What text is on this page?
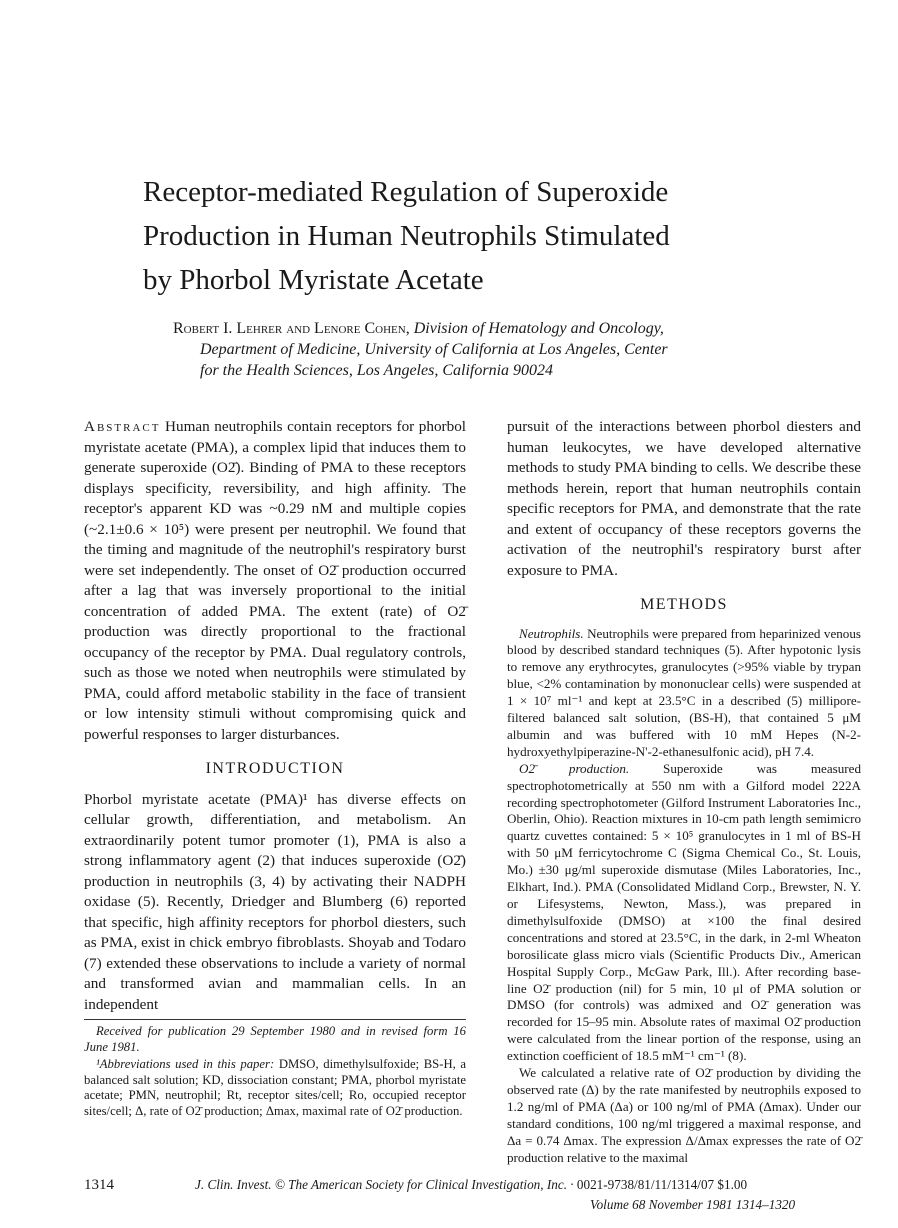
Receptor-mediated Regulation of Superoxide
Production in Human Neutrophils Stimulated
by Phorbol Myristate Acetate
Robert I. Lehrer and Lenore Cohen, Division of Hematology and Oncology,
Department of Medicine, University of California at Los Angeles, Center
for the Health Sciences, Los Angeles, California 90024

Abstract Human neutrophils contain receptors for phorbol myristate acetate (PMA), a complex lipid that induces them to generate superoxide (O2̄). Binding of PMA to these receptors displays specificity, reversibility, and high affinity. The receptor's apparent KD was ~0.29 nM and multiple copies (~2.1±0.6 × 10⁵) were present per neutrophil. We found that the timing and magnitude of the neutrophil's respiratory burst were set independently. The onset of O2̄ production occurred after a lag that was inversely proportional to the initial concentration of added PMA. The extent (rate) of O2̄ production was directly proportional to the fractional occupancy of the receptor by PMA. Dual regulatory controls, such as those we noted when neutrophils were stimulated by PMA, could afford metabolic stability in the face of transient or low intensity stimuli without compromising quick and powerful responses to larger disturbances.

INTRODUCTION

Phorbol myristate acetate (PMA)¹ has diverse effects on cellular growth, differentiation, and metabolism. An extraordinarily potent tumor promoter (1), PMA is also a strong inflammatory agent (2) that induces superoxide (O2̄) production in neutrophils (3, 4) by activating their NADPH oxidase (5). Recently, Driedger and Blumberg (6) reported that specific, high affinity receptors for phorbol diesters, such as PMA, exist in chick embryo fibroblasts. Shoyab and Todaro (7) extended these observations to include a variety of normal and transformed avian and mammalian cells. In an independent

pursuit of the interactions between phorbol diesters and human leukocytes, we have developed alternative methods to study PMA binding to cells. We describe these methods herein, report that human neutrophils contain specific receptors for PMA, and demonstrate that the rate and extent of occupancy of these receptors governs the activation of the neutrophil's respiratory burst after exposure to PMA.

METHODS

Neutrophils. Neutrophils were prepared from heparinized venous blood by described standard techniques (5). After hypotonic lysis to remove any erythrocytes, granulocytes (>95% viable by trypan blue, <2% contamination by mononuclear cells) were suspended at 1 × 10⁷ ml⁻¹ and kept at 23.5°C in a described (5) millipore-filtered balanced salt solution, (BS-H), that contained 5 μM albumin and was buffered with 10 mM Hepes (N-2-hydroxyethylpiperazine-N'-2-ethanesulfonic acid), pH 7.4.

O2̄ production.	Superoxide was measured spectrophotometrically at 550 nm with a Gilford model 222A recording spectrophotometer (Gilford Instrument Laboratories Inc., Oberlin, Ohio). Reaction mixtures in 10-cm path length semimicro quartz cuvettes contained: 5 × 10⁵ granulocytes in 1 ml of BS-H with 50 μM ferricytochrome C (Sigma Chemical Co., St. Louis, Mo.) ±30 μg/ml superoxide dismutase (Miles Laboratories, Inc., Elkhart, Ind.). PMA (Consolidated Midland Corp., Brewster, N. Y. or Lifesystems, Newton, Mass.), was prepared in dimethylsulfoxide (DMSO) at ×100 the final desired concentrations and stored at 23.5°C, in the dark, in 2-ml Wheaton borosilicate glass micro vials (Scientific Products Div., American Hospital Supply Corp., McGaw Park, Ill.). After recording base-line O2̄ production (nil) for 5 min, 10 μl of PMA solution or DMSO (for controls) was admixed and O2̄ generation was recorded for 15–95 min. Absolute rates of maximal O2̄ production were calculated from the linear portion of the response, using an extinction coefficient of 18.5 mM⁻¹ cm⁻¹ (8).

We calculated a relative rate of O2̄ production by dividing the observed rate (Δ) by the rate manifested by neutrophils exposed to 1.2 ng/ml of PMA (Δa) or 100 ng/ml of PMA (Δmax). Under our standard conditions, 100 ng/ml triggered a maximal response, and Δa = 0.74 Δmax. The expression Δ/Δmax expresses the rate of O2̄ production relative to the maximal

Received for publication 29 September 1980 and in revised form 16 June 1981.

¹Abbreviations used in this paper: DMSO, dimethylsulfoxide; BS-H, a balanced salt solution; KD, dissociation constant; PMA, phorbol myristate acetate; PMN, neutrophil; Rt, receptor sites/cell; Ro, occupied receptor sites/cell; Δ, rate of O2̄ production; Δmax, maximal rate of O2̄ production.

1314	J. Clin. Invest. © The American Society for Clinical Investigation, Inc. · 0021-9738/81/11/1314/07 $1.00
Volume 68 November 1981 1314–1320
